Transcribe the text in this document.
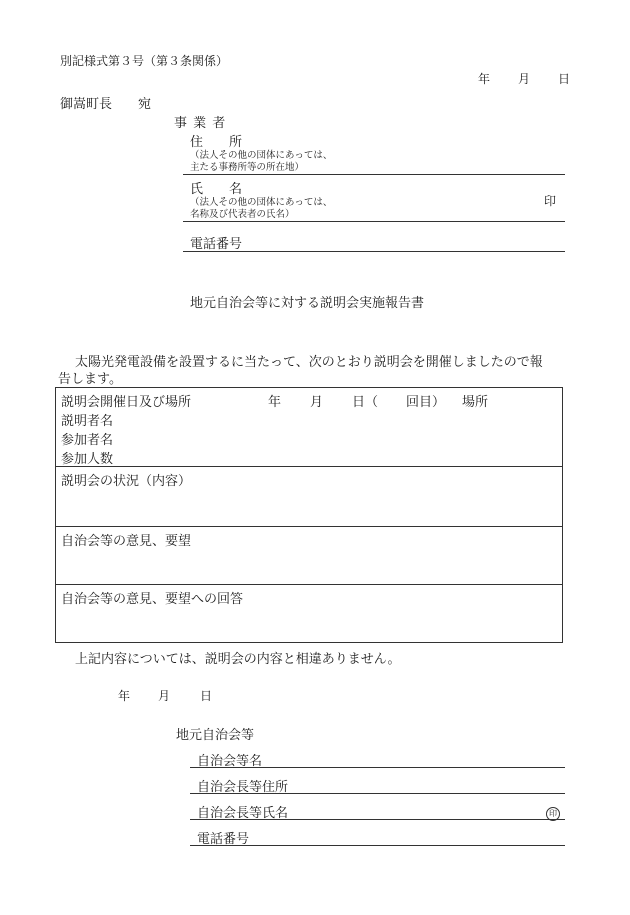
別記様式第３号（第３条関係）
年 月 日
御嵩町長　　宛
事 業 者
住　　所
（法人その他の団体にあっては、
主たる事務所等の所在地）
氏　　名
（法人その他の団体にあっては、
名称及び代表者の氏名）
印
電話番号
地元自治会等に対する説明会実施報告書
太陽光発電設備を設置するに当たって、次のとおり説明会を開催しましたので報
告します。
説明会開催日及び場所	年 月 日（ 回目） 場所
説明者名
参加者名
参加人数
説明会の状況（内容）
自治会等の意見、要望
自治会等の意見、要望への回答
上記内容については、説明会の内容と相違ありません。
年 月 日
地元自治会等
自治会等名
自治会長等住所
自治会長等氏名	印
電話番号
